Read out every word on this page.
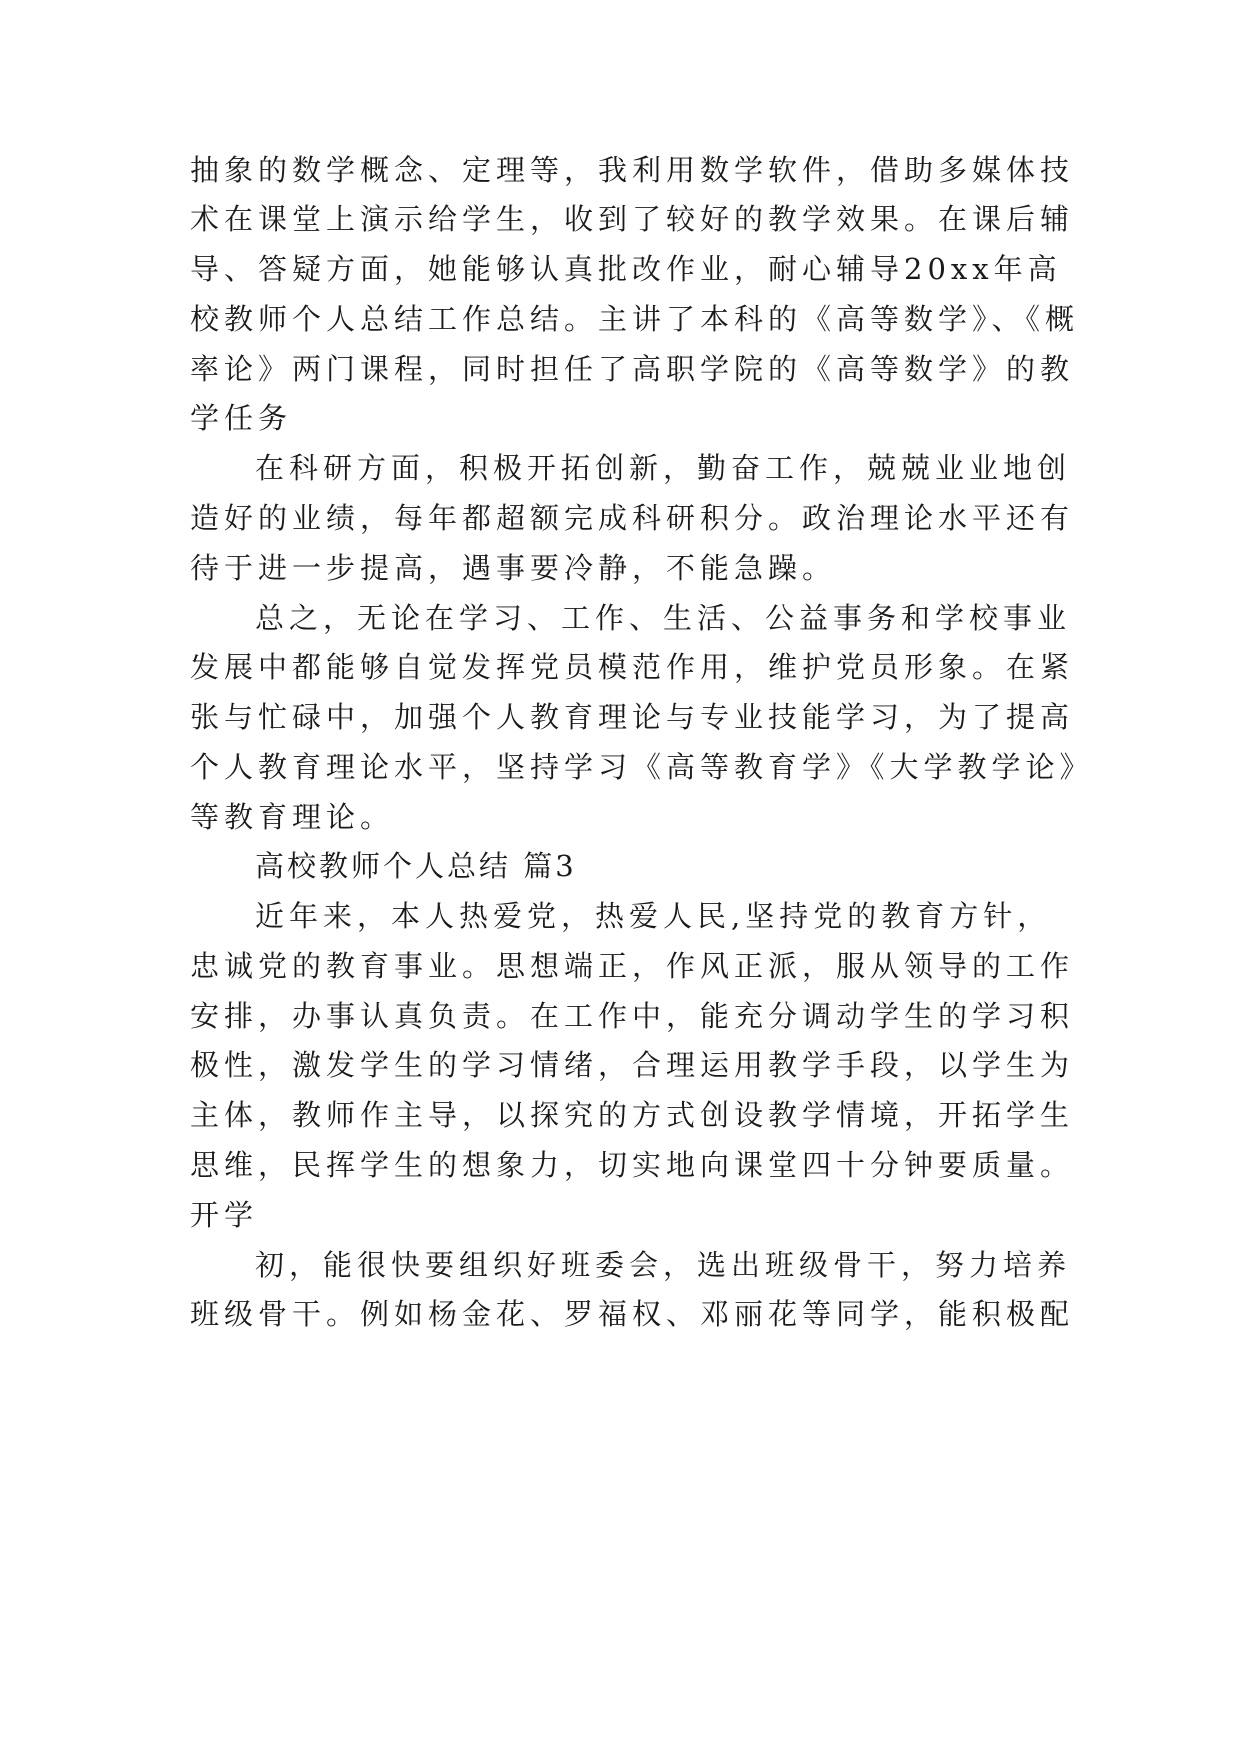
抽象的数学概念、定理等，我利用数学软件，借助多媒体技
术在课堂上演示给学生，收到了较好的教学效果。在课后辅
导、答疑方面，她能够认真批改作业，耐心辅导20xx年高
校教师个人总结工作总结。主讲了本科的《高等数学》、《概
率论》两门课程，同时担任了高职学院的《高等数学》的教
学任务
在科研方面，积极开拓创新，勤奋工作，兢兢业业地创
造好的业绩，每年都超额完成科研积分。政治理论水平还有
待于进一步提高，遇事要冷静，不能急躁。
总之，无论在学习、工作、生活、公益事务和学校事业
发展中都能够自觉发挥党员模范作用，维护党员形象。在紧
张与忙碌中，加强个人教育理论与专业技能学习，为了提高
个人教育理论水平，坚持学习《高等教育学》《大学教学论》
等教育理论。
高校教师个人总结 篇3
近年来，本人热爱党，热爱人民,坚持党的教育方针，
忠诚党的教育事业。思想端正，作风正派，服从领导的工作
安排，办事认真负责。在工作中，能充分调动学生的学习积
极性，激发学生的学习情绪，合理运用教学手段，以学生为
主体，教师作主导，以探究的方式创设教学情境，开拓学生
思维，民挥学生的想象力，切实地向课堂四十分钟要质量。
开学
初，能很快要组织好班委会，选出班级骨干，努力培养
班级骨干。例如杨金花、罗福权、邓丽花等同学，能积极配
